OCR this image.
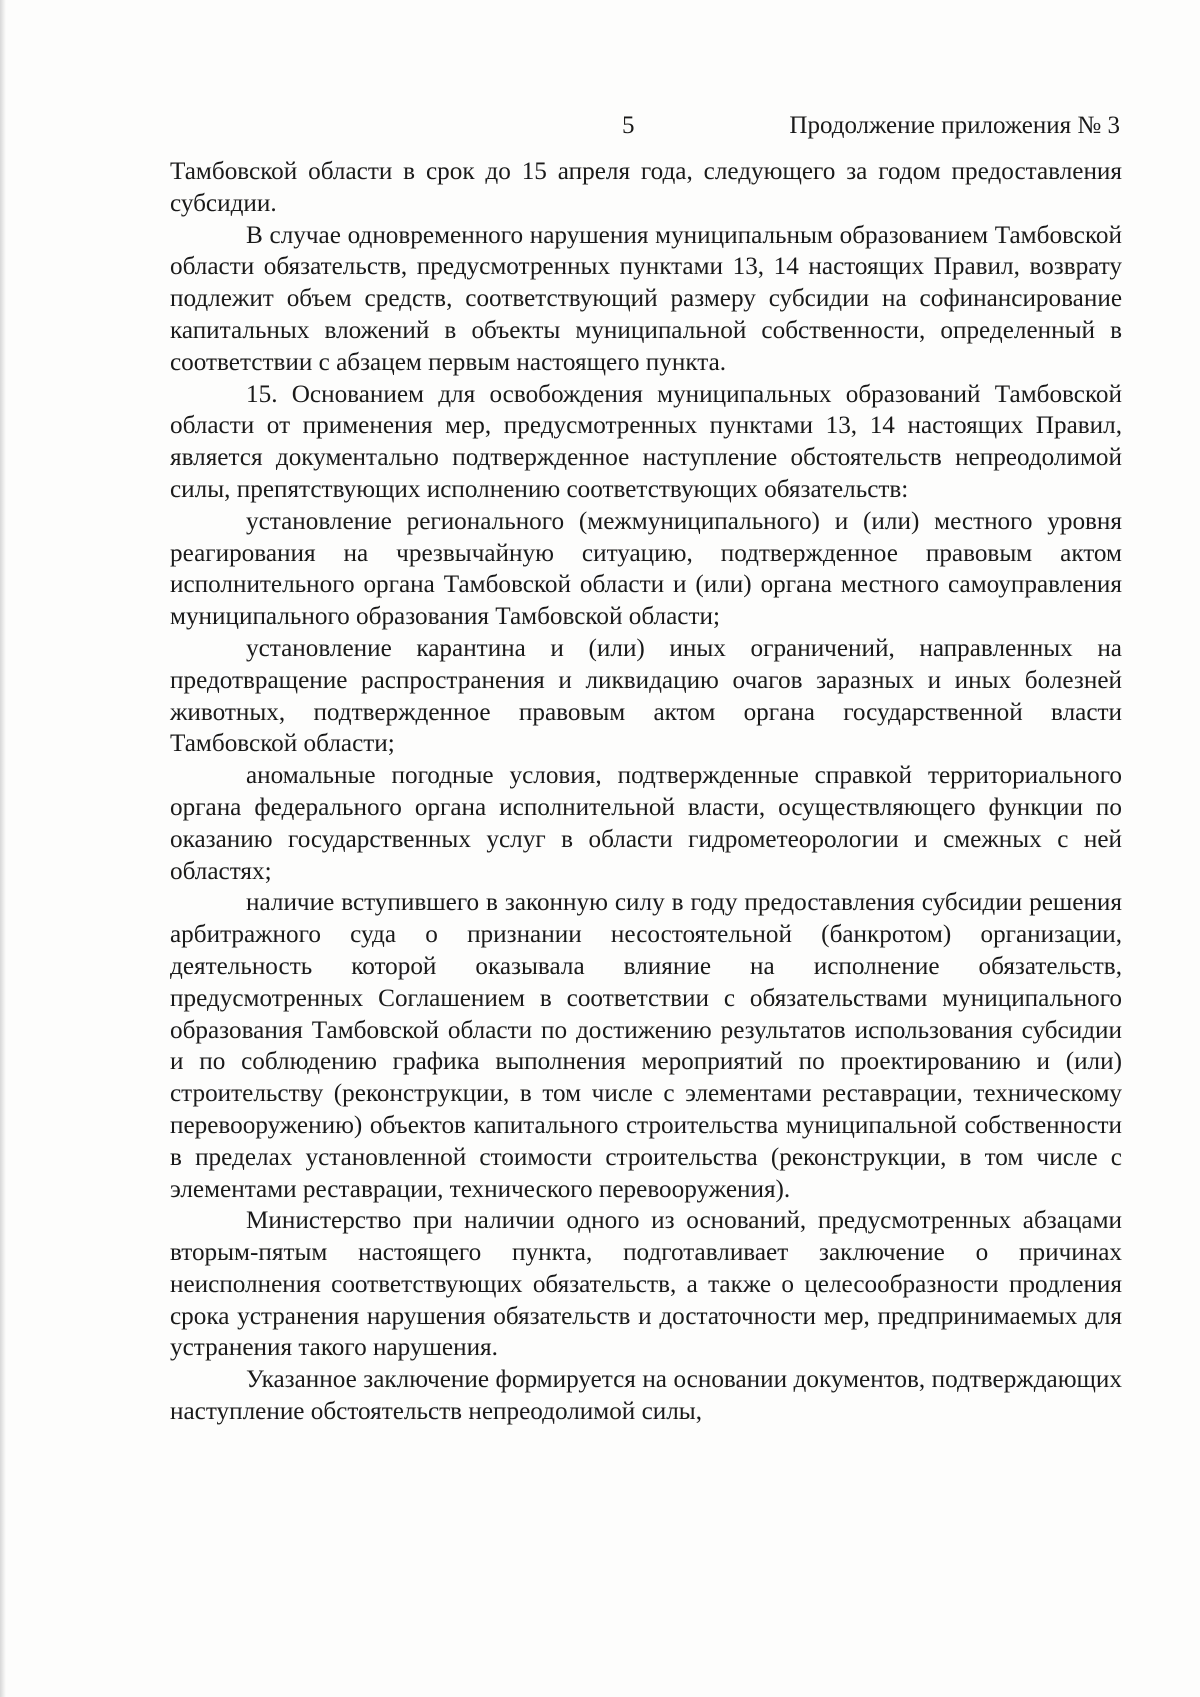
5	Продолжение приложения № 3

Тамбовской области в срок до 15 апреля года, следующего за годом предоставления субсидии.

В случае одновременного нарушения муниципальным образованием Тамбовской области обязательств, предусмотренных пунктами 13, 14 настоящих Правил, возврату подлежит объем средств, соответствующий размеру субсидии на софинансирование капитальных вложений в объекты муниципальной собственности, определенный в соответствии с абзацем первым настоящего пункта.

15. Основанием для освобождения муниципальных образований Тамбовской области от применения мер, предусмотренных пунктами 13, 14 настоящих Правил, является документально подтвержденное наступление обстоятельств непреодолимой силы, препятствующих исполнению соответствующих обязательств:

установление регионального (межмуниципального) и (или) местного уровня реагирования на чрезвычайную ситуацию, подтвержденное правовым актом исполнительного органа Тамбовской области и (или) органа местного самоуправления муниципального образования Тамбовской области;

установление карантина и (или) иных ограничений, направленных на предотвращение распространения и ликвидацию очагов заразных и иных болезней животных, подтвержденное правовым актом органа государственной власти Тамбовской области;

аномальные погодные условия, подтвержденные справкой территориального органа федерального органа исполнительной власти, осуществляющего функции по оказанию государственных услуг в области гидрометеорологии и смежных с ней областях;

наличие вступившего в законную силу в году предоставления субсидии решения арбитражного суда о признании несостоятельной (банкротом) организации, деятельность которой оказывала влияние на исполнение обязательств, предусмотренных Соглашением в соответствии с обязательствами муниципального образования Тамбовской области по достижению результатов использования субсидии и по соблюдению графика выполнения мероприятий по проектированию и (или) строительству (реконструкции, в том числе с элементами реставрации, техническому перевооружению) объектов капитального строительства муниципальной собственности в пределах установленной стоимости строительства (реконструкции, в том числе с элементами реставрации, технического перевооружения).

Министерство при наличии одного из оснований, предусмотренных абзацами вторым-пятым настоящего пункта, подготавливает заключение о причинах неисполнения соответствующих обязательств, а также о целесообразности продления срока устранения нарушения обязательств и достаточности мер, предпринимаемых для устранения такого нарушения.

Указанное заключение формируется на основании документов, подтверждающих наступление обстоятельств непреодолимой силы,
